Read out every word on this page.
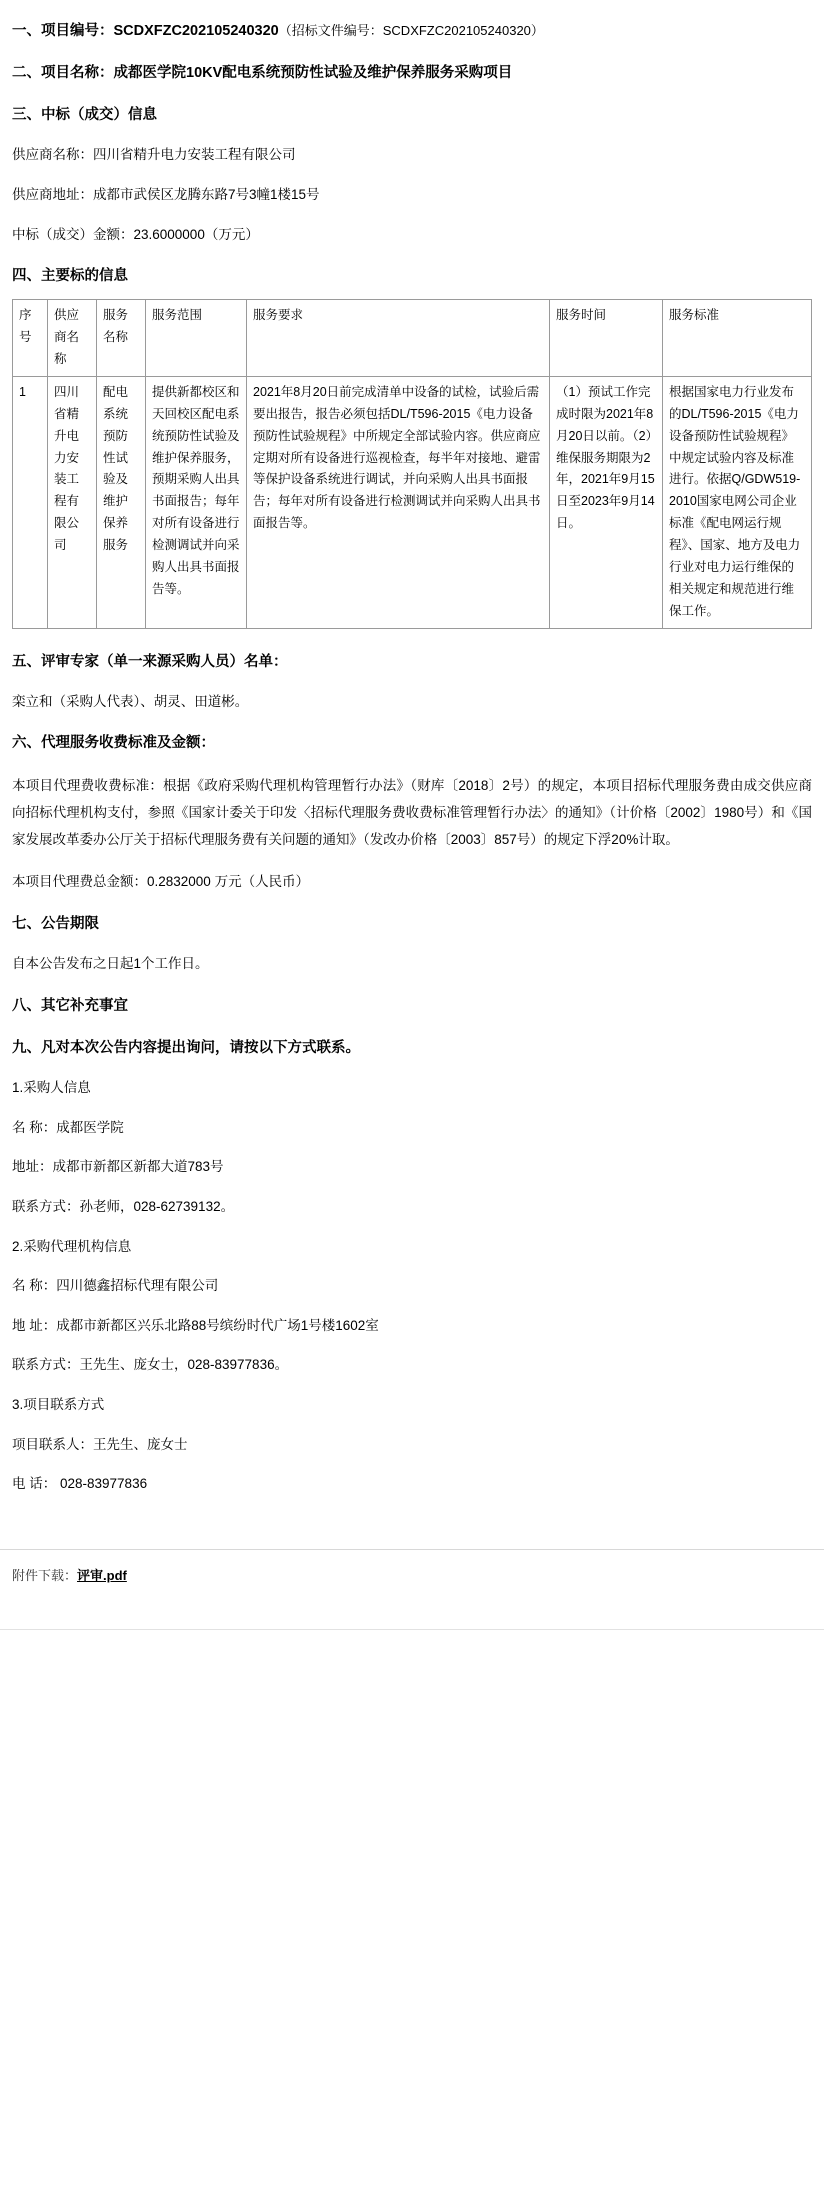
一、项目编号：SCDXFZC202105240320（招标文件编号：SCDXFZC202105240320）
二、项目名称：成都医学院10KV配电系统预防性试验及维护保养服务采购项目
三、中标（成交）信息

供应商名称：四川省精升电力安装工程有限公司

供应商地址：成都市武侯区龙腾东路7号3幢1楼15号

中标（成交）金额：23.6000000（万元）

四、主要标的信息
序号	供应商名称	服务名称	服务范围	服务要求	服务时间	服务标准
1	四川省精升电力安装工程有限公司	配电系统预防性试验及维护保养服务	提供新都校区和天回校区配电系统预防性试验及维护保养服务，预期采购人出具书面报告；每年对所有设备进行检测调试并向采购人出具书面报告等。	2021年8月20日前完成清单中设备的试检，试验后需要出报告，报告必须包括DL/T596-2015《电力设备预防性试验规程》中所规定全部试验内容。供应商应定期对所有设备进行巡视检查，每半年对接地、避雷等保护设备系统进行调试，并向采购人出具书面报告；每年对所有设备进行检测调试并向采购人出具书面报告等。	（1）预试工作完成时限为2021年8月20日以前。（2）维保服务期限为2年，2021年9月15日至2023年9月14日。	根据国家电力行业发布的DL/T596-2015《电力设备预防性试验规程》中规定试验内容及标准进行。依据Q/GDW519-2010国家电网公司企业标准《配电网运行规程》、国家、地方及电力行业对电力运行维保的相关规定和规范进行维保工作。
五、评审专家（单一来源采购人员）名单：

栾立和（采购人代表）、胡灵、田道彬。

六、代理服务收费标准及金额：

本项目代理费收费标准：根据《政府采购代理机构管理暂行办法》（财库〔2018〕2号）的规定，本项目招标代理服务费由成交供应商向招标代理机构支付，参照《国家计委关于印发〈招标代理服务费收费标准管理暂行办法〉的通知》（计价格〔2002〕1980号）和《国家发展改革委办公厅关于招标代理服务费有关问题的通知》（发改办价格〔2003〕857号）的规定下浮20%计取。

本项目代理费总金额：0.2832000 万元（人民币）

七、公告期限

自本公告发布之日起1个工作日。

八、其它补充事宜
九、凡对本次公告内容提出询问，请按以下方式联系。

1.采购人信息

名 称：成都医学院

地址：成都市新都区新都大道783号

联系方式：孙老师，028-62739132。

2.采购代理机构信息

名 称：四川德鑫招标代理有限公司

地 址：成都市新都区兴乐北路88号缤纷时代广场1号楼1602室

联系方式：王先生、庞女士，028-83977836。

3.项目联系方式

项目联系人：王先生、庞女士

电 话： 028-83977836

附件下载：评审.pdf
